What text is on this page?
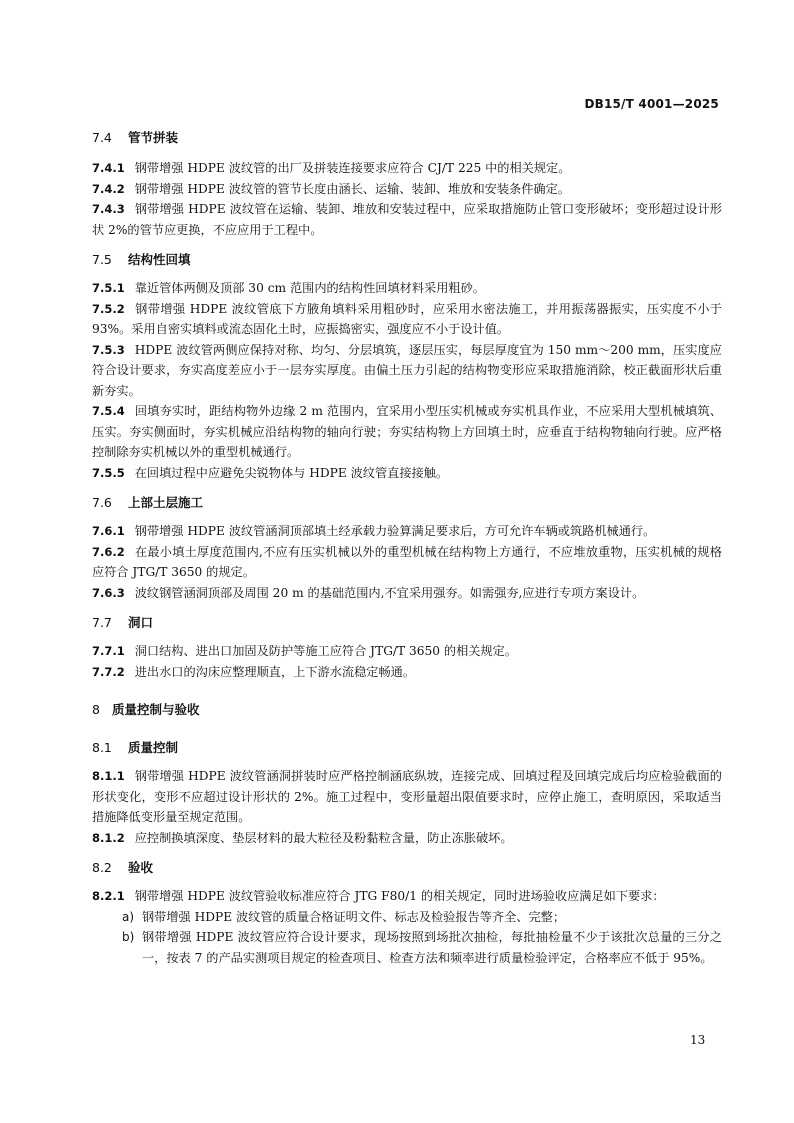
DB15/T 4001—2025
7.4 管节拼装
7.4.1 钢带增强 HDPE 波纹管的出厂及拼装连接要求应符合 CJ/T 225 中的相关规定。
7.4.2 钢带增强 HDPE 波纹管的管节长度由涵长、运输、装卸、堆放和安装条件确定。
7.4.3 钢带增强 HDPE 波纹管在运输、装卸、堆放和安装过程中，应采取措施防止管口变形破坏；变形超过设计形状 2%的管节应更换，不应应用于工程中。
7.5 结构性回填
7.5.1 靠近管体两侧及顶部 30 cm 范围内的结构性回填材料采用粗砂。
7.5.2 钢带增强 HDPE 波纹管底下方腋角填料采用粗砂时，应采用水密法施工，并用振荡器振实，压实度不小于 93%。采用自密实填料或流态固化土时，应振捣密实，强度应不小于设计值。
7.5.3 HDPE 波纹管两侧应保持对称、均匀、分层填筑，逐层压实，每层厚度宜为 150 mm～200 mm，压实度应符合设计要求，夯实高度差应小于一层夯实厚度。由偏土压力引起的结构物变形应采取措施消除，校正截面形状后重新夯实。
7.5.4 回填夯实时，距结构物外边缘 2 m 范围内，宜采用小型压实机械或夯实机具作业，不应采用大型机械填筑、压实。夯实侧面时，夯实机械应沿结构物的轴向行驶；夯实结构物上方回填土时，应垂直于结构物轴向行驶。应严格控制除夯实机械以外的重型机械通行。
7.5.5 在回填过程中应避免尖锐物体与 HDPE 波纹管直接接触。
7.6 上部土层施工
7.6.1 钢带增强 HDPE 波纹管涵洞顶部填土经承载力验算满足要求后，方可允许车辆或筑路机械通行。
7.6.2 在最小填土厚度范围内,不应有压实机械以外的重型机械在结构物上方通行，不应堆放重物，压实机械的规格应符合 JTG/T 3650 的规定。
7.6.3 波纹钢管涵洞顶部及周围 20 m 的基础范围内,不宜采用强夯。如需强夯,应进行专项方案设计。
7.7 洞口
7.7.1 洞口结构、进出口加固及防护等施工应符合 JTG/T 3650 的相关规定。
7.7.2 进出水口的沟床应整理顺直，上下游水流稳定畅通。
8 质量控制与验收
8.1 质量控制
8.1.1 钢带增强 HDPE 波纹管涵洞拼装时应严格控制涵底纵坡，连接完成、回填过程及回填完成后均应检验截面的形状变化，变形不应超过设计形状的 2%。施工过程中，变形量超出限值要求时，应停止施工，查明原因，采取适当措施降低变形量至规定范围。
8.1.2 应控制换填深度、垫层材料的最大粒径及粉黏粒含量，防止冻胀破坏。
8.2 验收
8.2.1 钢带增强 HDPE 波纹管验收标准应符合 JTG F80/1 的相关规定，同时进场验收应满足如下要求：
a) 钢带增强 HDPE 波纹管的质量合格证明文件、标志及检验报告等齐全、完整；
b) 钢带增强 HDPE 波纹管应符合设计要求，现场按照到场批次抽检，每批抽检量不少于该批次总量的三分之一，按表 7 的产品实测项目规定的检查项目、检查方法和频率进行质量检验评定，合格率应不低于 95%。
13
